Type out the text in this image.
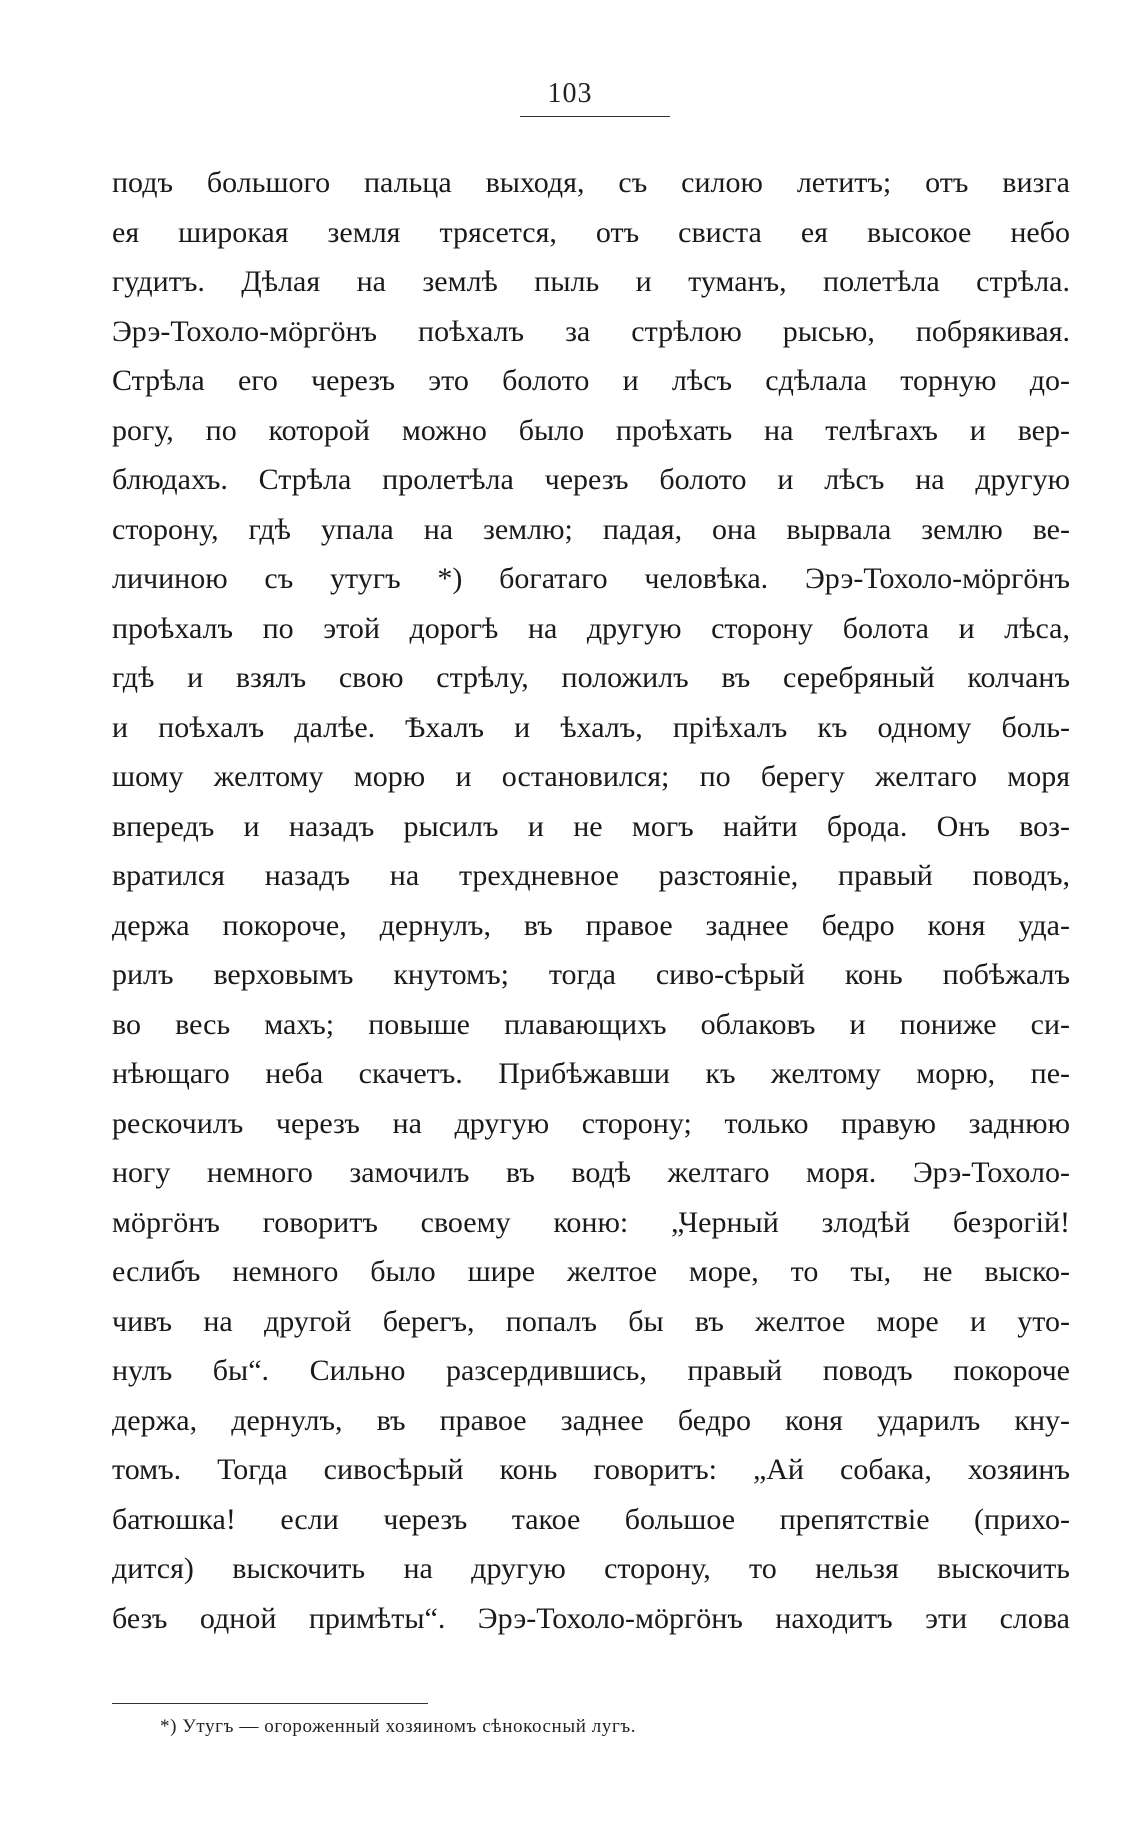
103
подъ большого пальца выходя, съ силою летитъ; отъ визга
ея широкая земля трясется, отъ свиста ея высокое небо
гудитъ. Дѣлая на землѣ пыль и туманъ, полетѣла стрѣла.
Эрэ-Тохоло-мöргöнъ поѣхалъ за стрѣлою рысью, побрякивая.
Стрѣла его черезъ это болото и лѣсъ сдѣлала торную до-
рогу, по которой можно было проѣхать на телѣгахъ и вер-
блюдахъ. Стрѣла пролетѣла черезъ болото и лѣсъ на другую
сторону, гдѣ упала на землю; падая, она вырвала землю ве-
личиною съ утугъ *) богатаго человѣка. Эрэ-Тохоло-мöргöнъ
проѣхалъ по этой дорогѣ на другую сторону болота и лѣса,
гдѣ и взялъ свою стрѣлу, положилъ въ серебряный колчанъ
и поѣхалъ далѣе. Ѣхалъ и ѣхалъ, пріѣхалъ къ одному боль-
шому желтому морю и остановился; по берегу желтаго моря
впередъ и назадъ рысилъ и не могъ найти брода. Онъ воз-
вратился назадъ на трехдневное разстояніе, правый поводъ,
держа покороче, дернулъ, въ правое заднее бедро коня уда-
рилъ верховымъ кнутомъ; тогда сиво-сѣрый конь побѣжалъ
во весь махъ; повыше плавающихъ облаковъ и пониже си-
нѣющаго неба скачетъ. Прибѣжавши къ желтому морю, пе-
рескочилъ черезъ на другую сторону; только правую заднюю
ногу немного замочилъ въ водѣ желтаго моря. Эрэ-Тохоло-
мöргöнъ говоритъ своему коню: „Черный злодѣй безрогій!
еслибъ немного было шире желтое море, то ты, не выско-
чивъ на другой берегъ, попалъ бы въ желтое море и уто-
нулъ бы“. Сильно разсердившись, правый поводъ покороче
держа, дернулъ, въ правое заднее бедро коня ударилъ кну-
томъ. Тогда сивосѣрый конь говоритъ: „Ай собака, хозяинъ
батюшка! если черезъ такое большое препятствіе (прихо-
дится) выскочить на другую сторону, то нельзя выскочить
безъ одной примѣты“. Эрэ-Тохоло-мöргöнъ находитъ эти слова
*) Утугъ — огороженный хозяиномъ сѣнокосный лугъ.
